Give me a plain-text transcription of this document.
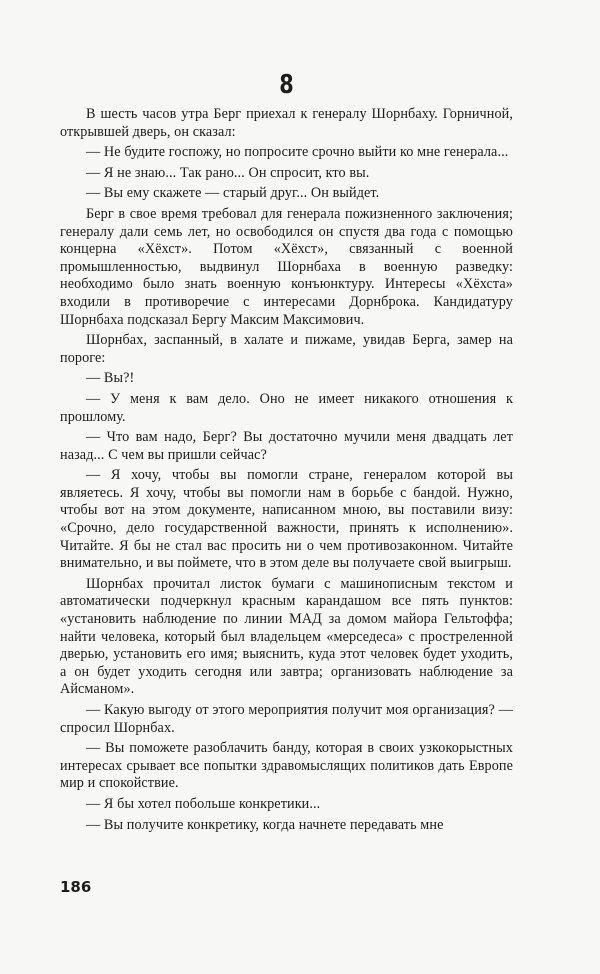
8

В шесть часов утра Берг приехал к генералу Шорнбаху. Горничной, открывшей дверь, он сказал:

— Не будите госпожу, но попросите срочно выйти ко мне генерала...

— Я не знаю... Так рано... Он спросит, кто вы.

— Вы ему скажете — старый друг... Он выйдет.

Берг в свое время требовал для генерала пожизненного заключения; генералу дали семь лет, но освободился он спустя два года с помощью концерна «Хёхст». Потом «Хёхст», связанный с военной промышленностью, выдвинул Шорнбаха в военную разведку: необходимо было знать военную конъюнктуру. Интересы «Хёхста» входили в противоречие с интересами Дорнброка. Кандидатуру Шорнбаха подсказал Бергу Максим Максимович.

Шорнбах, заспанный, в халате и пижаме, увидав Берга, замер на пороге:

— Вы?!

— У меня к вам дело. Оно не имеет никакого отношения к прошлому.

— Что вам надо, Берг? Вы достаточно мучили меня двадцать лет назад... С чем вы пришли сейчас?

— Я хочу, чтобы вы помогли стране, генералом которой вы являетесь. Я хочу, чтобы вы помогли нам в борьбе с бандой. Нужно, чтобы вот на этом документе, написанном мною, вы поставили визу: «Срочно, дело государственной важности, принять к исполнению». Читайте. Я бы не стал вас просить ни о чем противозаконном. Читайте внимательно, и вы поймете, что в этом деле вы получаете свой выигрыш.

Шорнбах прочитал листок бумаги с машинописным текстом и автоматически подчеркнул красным карандашом все пять пунктов: «установить наблюдение по линии МАД за домом майора Гельтоффа; найти человека, который был владельцем «мерседеса» с простреленной дверью, установить его имя; выяснить, куда этот человек будет уходить, а он будет уходить сегодня или завтра; организовать наблюдение за Айсманом».

— Какую выгоду от этого мероприятия получит моя организация? — спросил Шорнбах.

— Вы поможете разоблачить банду, которая в своих узкокорыстных интересах срывает все попытки здравомыслящих политиков дать Европе мир и спокойствие.

— Я бы хотел побольше конкретики...

— Вы получите конкретику, когда начнете передавать мне

186
